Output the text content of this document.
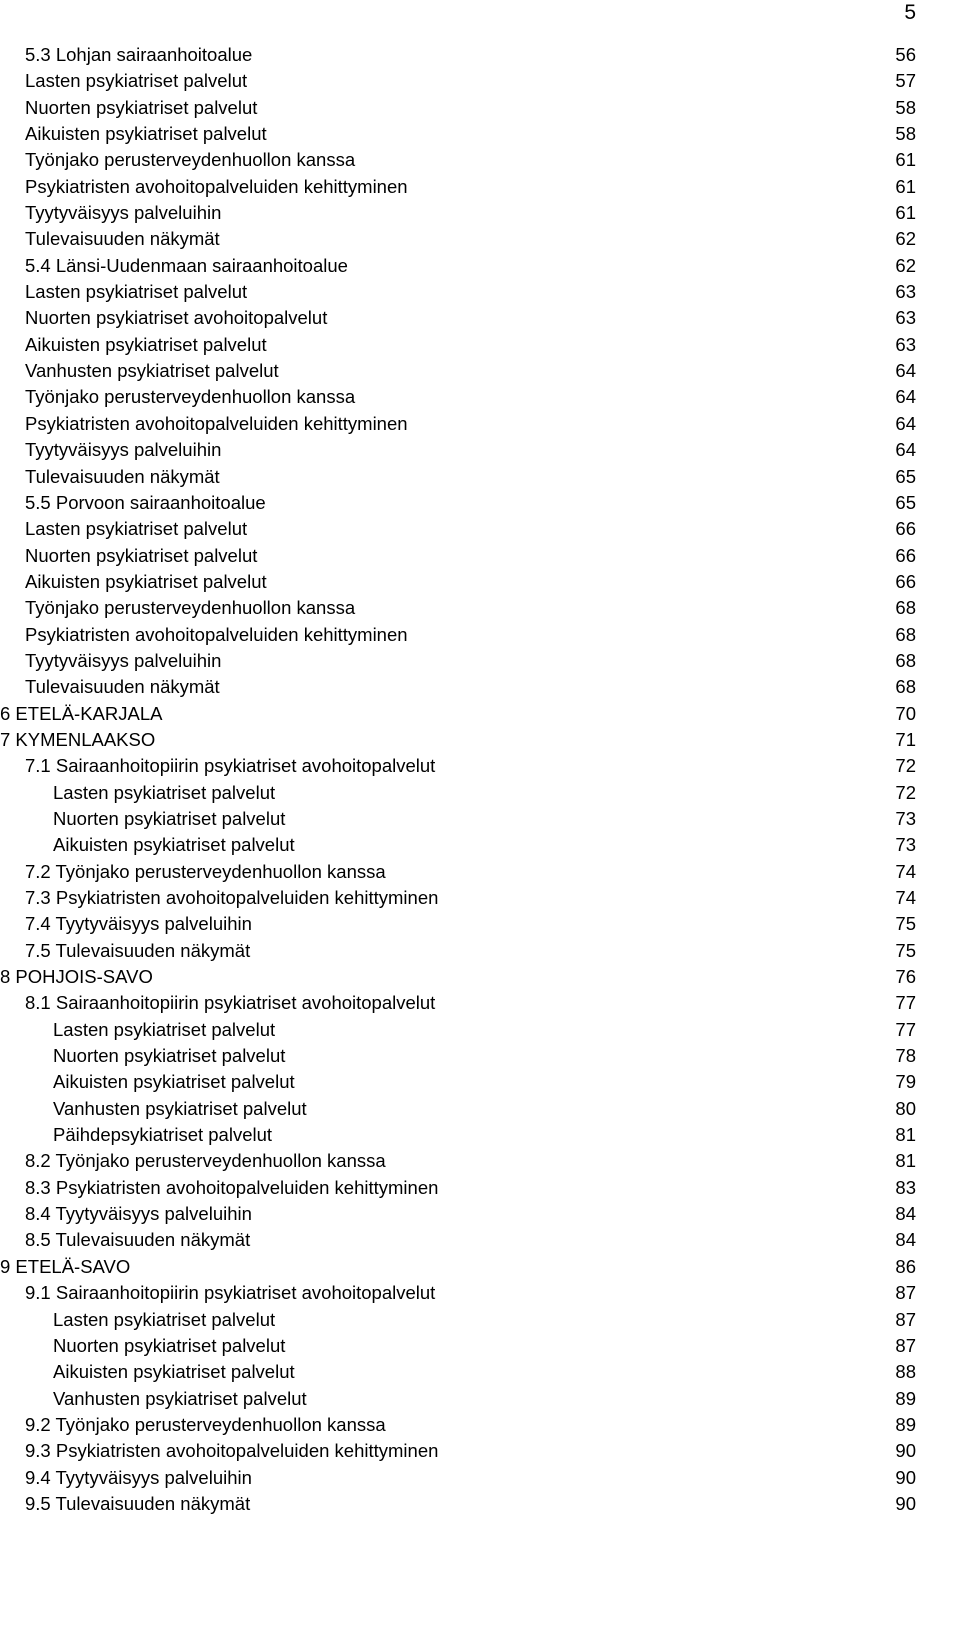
5
5.3 Lohjan sairaanhoitoalue	56
Lasten psykiatriset palvelut	57
Nuorten psykiatriset palvelut	58
Aikuisten psykiatriset palvelut	58
Työnjako perusterveydenhuollon kanssa	61
Psykiatristen avohoitopalveluiden kehittyminen	61
Tyytyväisyys palveluihin	61
Tulevaisuuden näkymät	62
5.4 Länsi-Uudenmaan sairaanhoitoalue	62
Lasten psykiatriset palvelut	63
Nuorten psykiatriset avohoitopalvelut	63
Aikuisten psykiatriset palvelut	63
Vanhusten psykiatriset palvelut	64
Työnjako perusterveydenhuollon kanssa	64
Psykiatristen avohoitopalveluiden kehittyminen	64
Tyytyväisyys palveluihin	64
Tulevaisuuden näkymät	65
5.5 Porvoon sairaanhoitoalue	65
Lasten psykiatriset palvelut	66
Nuorten psykiatriset palvelut	66
Aikuisten psykiatriset palvelut	66
Työnjako perusterveydenhuollon kanssa	68
Psykiatristen avohoitopalveluiden kehittyminen	68
Tyytyväisyys palveluihin	68
Tulevaisuuden näkymät	68
6 ETELÄ-KARJALA	70
7 KYMENLAAKSO	71
7.1 Sairaanhoitopiirin psykiatriset avohoitopalvelut	72
Lasten psykiatriset palvelut	72
Nuorten psykiatriset palvelut	73
Aikuisten psykiatriset palvelut	73
7.2 Työnjako perusterveydenhuollon kanssa	74
7.3 Psykiatristen avohoitopalveluiden kehittyminen	74
7.4 Tyytyväisyys palveluihin	75
7.5 Tulevaisuuden näkymät	75
8 POHJOIS-SAVO	76
8.1 Sairaanhoitopiirin psykiatriset avohoitopalvelut	77
Lasten psykiatriset palvelut	77
Nuorten psykiatriset palvelut	78
Aikuisten psykiatriset palvelut	79
Vanhusten psykiatriset palvelut	80
Päihdepsykiatriset palvelut	81
8.2 Työnjako perusterveydenhuollon kanssa	81
8.3 Psykiatristen avohoitopalveluiden kehittyminen	83
8.4 Tyytyväisyys palveluihin	84
8.5 Tulevaisuuden näkymät	84
9 ETELÄ-SAVO	86
9.1 Sairaanhoitopiirin psykiatriset avohoitopalvelut	87
Lasten psykiatriset palvelut	87
Nuorten psykiatriset palvelut	87
Aikuisten psykiatriset palvelut	88
Vanhusten psykiatriset palvelut	89
9.2 Työnjako perusterveydenhuollon kanssa	89
9.3 Psykiatristen avohoitopalveluiden kehittyminen	90
9.4 Tyytyväisyys palveluihin	90
9.5 Tulevaisuuden näkymät	90
